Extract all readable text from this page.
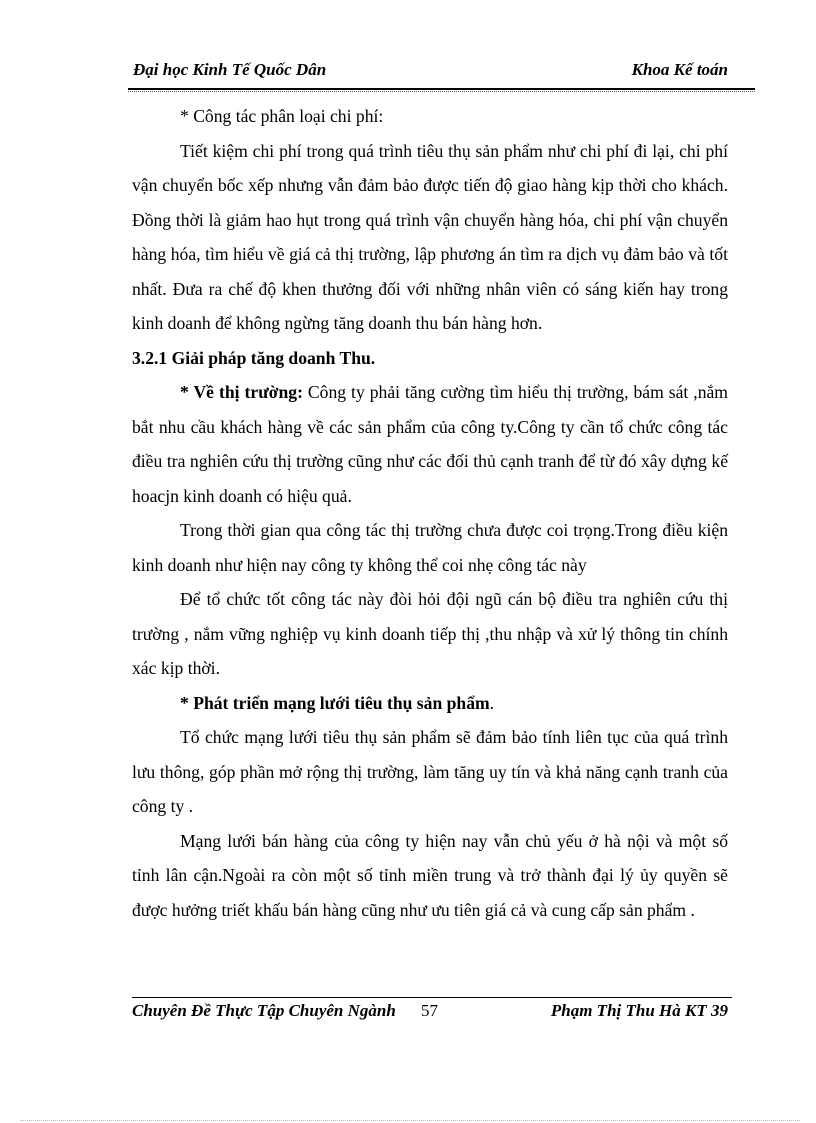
Đại học Kinh Tế Quốc Dân	Khoa Kế toán

* Công tác phân loại chi phí:

Tiết kiệm chi phí trong quá trình tiêu thụ sản phẩm như chi phí đi lại, chi phí vận chuyển bốc xếp nhưng vẫn đảm bảo được tiến độ giao hàng kịp thời cho khách. Đồng thời là giảm hao hụt trong quá trình vận chuyển hàng hóa, chi phí vận chuyển hàng hóa, tìm hiểu về giá cả thị trường, lập phương án tìm ra dịch vụ đảm bảo và tốt nhất. Đưa ra chế độ khen thưởng đối với những nhân viên có sáng kiến hay trong kinh doanh để không ngừng tăng doanh thu bán hàng hơn.

3.2.1 Giải pháp tăng doanh Thu.

* Về thị trường: Công ty phải tăng cường tìm hiểu thị trường, bám sát ,nắm bắt nhu cầu khách hàng về các sản phẩm của công ty.Công ty cần tổ chức công tác điều tra nghiên cứu thị trường cũng như các đối thủ cạnh tranh để từ đó xây dựng kế hoacjn kinh doanh có hiệu quả.

Trong thời gian qua công tác thị trường chưa được coi trọng.Trong điều kiện kinh doanh như hiện nay công ty không thể coi nhẹ công tác này

Để tổ chức tốt công tác này đòi hỏi đội ngũ cán bộ điều tra nghiên cứu thị trường , nắm vững nghiệp vụ kinh doanh tiếp thị ,thu nhập và xử lý thông tin chính xác kịp thời.

* Phát triển mạng lưới tiêu thụ sản phẩm.

Tổ chức mạng lưới tiêu thụ sản phẩm sẽ đảm bảo tính liên tục của quá trình lưu thông, góp phần mở rộng thị trường, làm tăng uy tín và khả năng cạnh tranh của công ty .

Mạng lưới bán hàng của công ty hiện nay vẫn chủ yếu ở hà nội và một số tỉnh lân cận.Ngoài ra còn một số tỉnh miền trung và trở thành đại lý ủy quyền sẽ được hưởng triết khấu bán hàng cũng như ưu tiên giá cả và cung cấp sản phẩm .

Chuyên Đề Thực Tập Chuyên Ngành 57	Phạm Thị Thu Hà KT 39
